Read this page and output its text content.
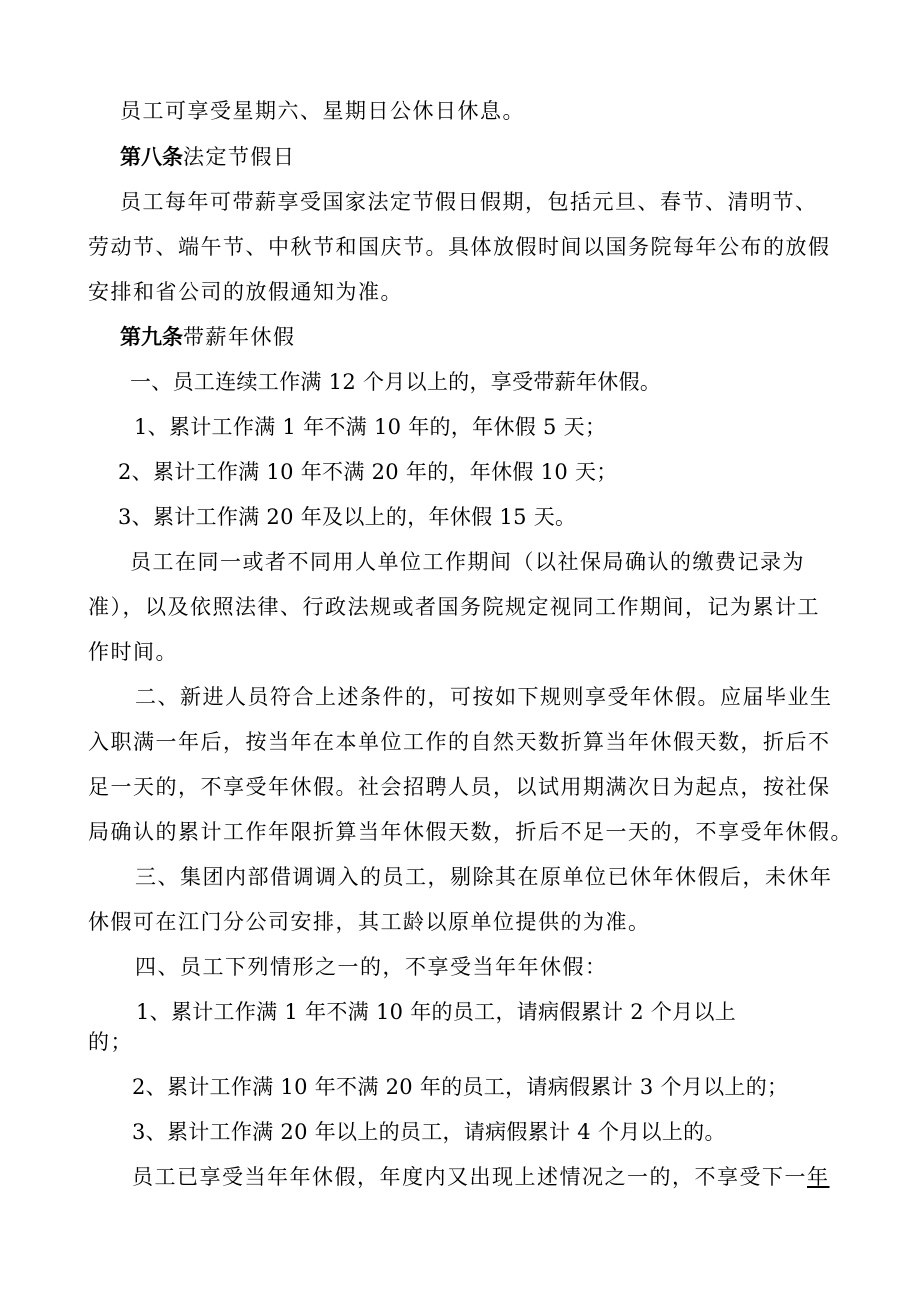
员工可享受星期六、星期日公休日休息。

第八条法定节假日

员工每年可带薪享受国家法定节假日假期，包括元旦、春节、清明节、

劳动节、端午节、中秋节和国庆节。具体放假时间以国务院每年公布的放假

安排和省公司的放假通知为准。

第九条带薪年休假

一、员工连续工作满 12 个月以上的，享受带薪年休假。

1、累计工作满 1 年不满 10 年的，年休假 5 天；

2、累计工作满 10 年不满 20 年的，年休假 10 天；

3、累计工作满 20 年及以上的，年休假 15 天。

员工在同一或者不同用人单位工作期间（以社保局确认的缴费记录为

准），以及依照法律、行政法规或者国务院规定视同工作期间，记为累计工

作时间。

二、新进人员符合上述条件的，可按如下规则享受年休假。应届毕业生

入职满一年后，按当年在本单位工作的自然天数折算当年休假天数，折后不

足一天的，不享受年休假。社会招聘人员，以试用期满次日为起点，按社保

局确认的累计工作年限折算当年休假天数，折后不足一天的，不享受年休假。

三、集团内部借调调入的员工，剔除其在原单位已休年休假后，未休年

休假可在江门分公司安排，其工龄以原单位提供的为准。

四、员工下列情形之一的，不享受当年年休假：

1、累计工作满 1 年不满 10 年的员工，请病假累计 2 个月以上

的；

2、累计工作满 10 年不满 20 年的员工，请病假累计 3 个月以上的；

3、累计工作满 20 年以上的员工，请病假累计 4 个月以上的。

员工已享受当年年休假，年度内又出现上述情况之一的，不享受下一年
